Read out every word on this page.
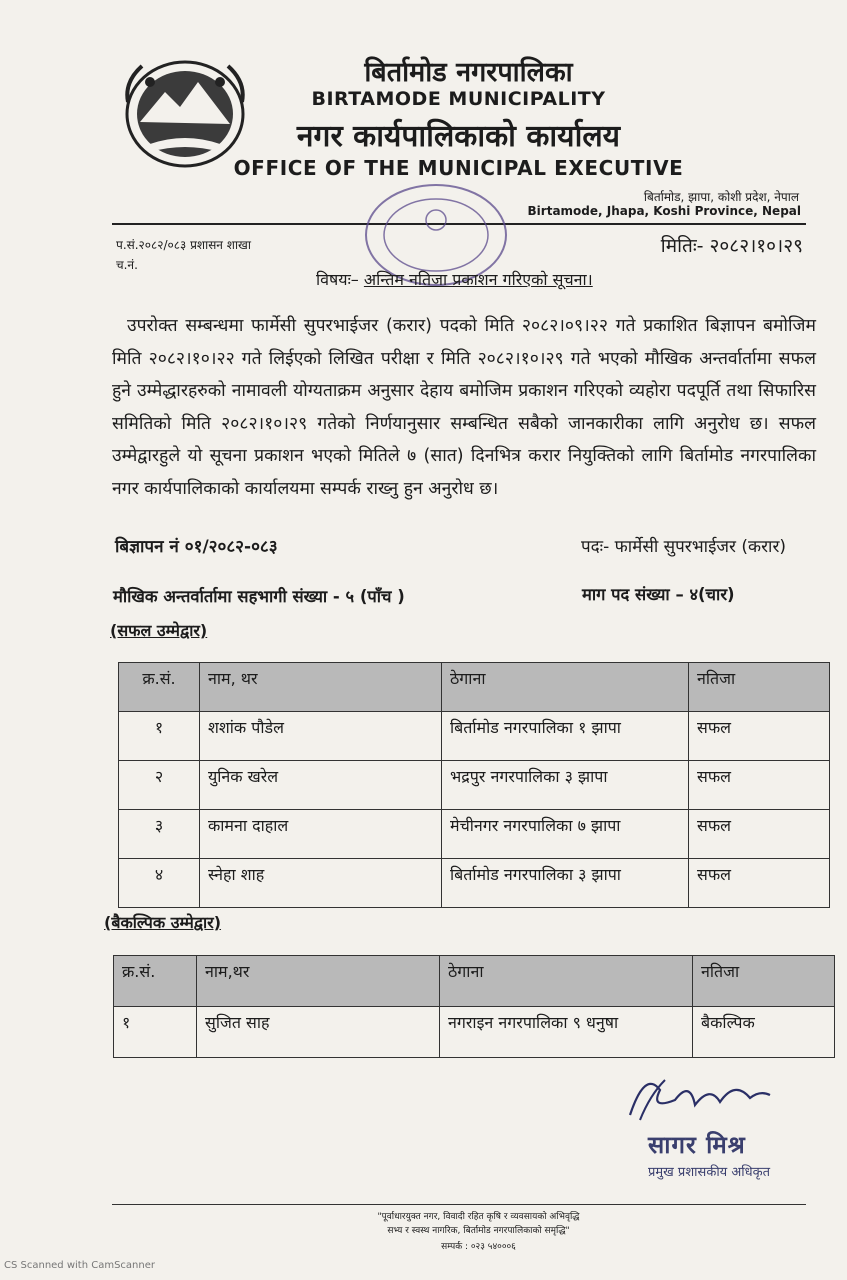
बिर्तामोड नगरपालिका
BIRTAMODE MUNICIPALITY
नगर कार्यपालिकाको कार्यालय
OFFICE OF THE MUNICIPAL EXECUTIVE
बिर्तामोड, झापा, कोशी प्रदेश, नेपाल
Birtamode, Jhapa, Koshi Province, Nepal
प.सं.२०८२/०८३ प्रशासन शाखा
च.नं.
मितिः- २०८२।१०।२९
विषयः– अन्तिम नतिजा प्रकाशन गरिएको सूचना।
उपरोक्त सम्बन्धमा फार्मेसी सुपरभाईजर (करार) पदको मिति २०८२।०९।२२ गते प्रकाशित बिज्ञापन बमोजिम मिति २०८२।१०।२२ गते लिईएको लिखित परीक्षा र मिति २०८२।१०।२९ गते भएको मौखिक अन्तर्वार्तामा सफल हुने उम्मेद्धारहरुको नामावली योग्यताक्रम अनुसार देहाय बमोजिम प्रकाशन गरिएको व्यहोरा पदपूर्ति तथा सिफारिस समितिको मिति २०८२।१०।२९ गतेको निर्णयानुसार सम्बन्धित सबैको जानकारीका लागि अनुरोध छ। सफल उम्मेद्वारहुले यो सूचना प्रकाशन भएको मितिले ७ (सात) दिनभित्र करार नियुक्तिको लागि बिर्तामोड नगरपालिका नगर कार्यपालिकाको कार्यालयमा सम्पर्क राख्नु हुन अनुरोध छ।
बिज्ञापन नं ०१/२०८२-०८३	पदः- फार्मेसी सुपरभाईजर (करार)
मौखिक अन्तर्वार्तामा सहभागी संख्या - ५ (पाँच )	माग पद संख्या – ४(चार)
(सफल उम्मेद्वार)
क्र.सं.	नाम, थर	ठेगाना	नतिजा
१	शशांक पौडेल	बिर्तामोड नगरपालिका १ झापा	सफल
२	युनिक खरेल	भद्रपुर नगरपालिका ३ झापा	सफल
३	कामना दाहाल	मेचीनगर नगरपालिका ७ झापा	सफल
४	स्नेहा शाह	बिर्तामोड नगरपालिका ३ झापा	सफल
(बैकल्पिक उम्मेद्वार)
क्र.सं.	नाम,थर	ठेगाना	नतिजा
१	सुजित साह	नगराइन नगरपालिका ९ धनुषा	बैकल्पिक
सागर मिश्र
प्रमुख प्रशासकीय अधिकृत
"पूर्वाधारयुक्त नगर, विवादी रहित कृषि र व्यवसायको अभिवृद्धि
सभ्य र स्वस्थ नागरिक, बिर्तामोड नगरपालिकाको समृद्धि"
सम्पर्क : ०२३ ५४०००६
CS Scanned with CamScanner
